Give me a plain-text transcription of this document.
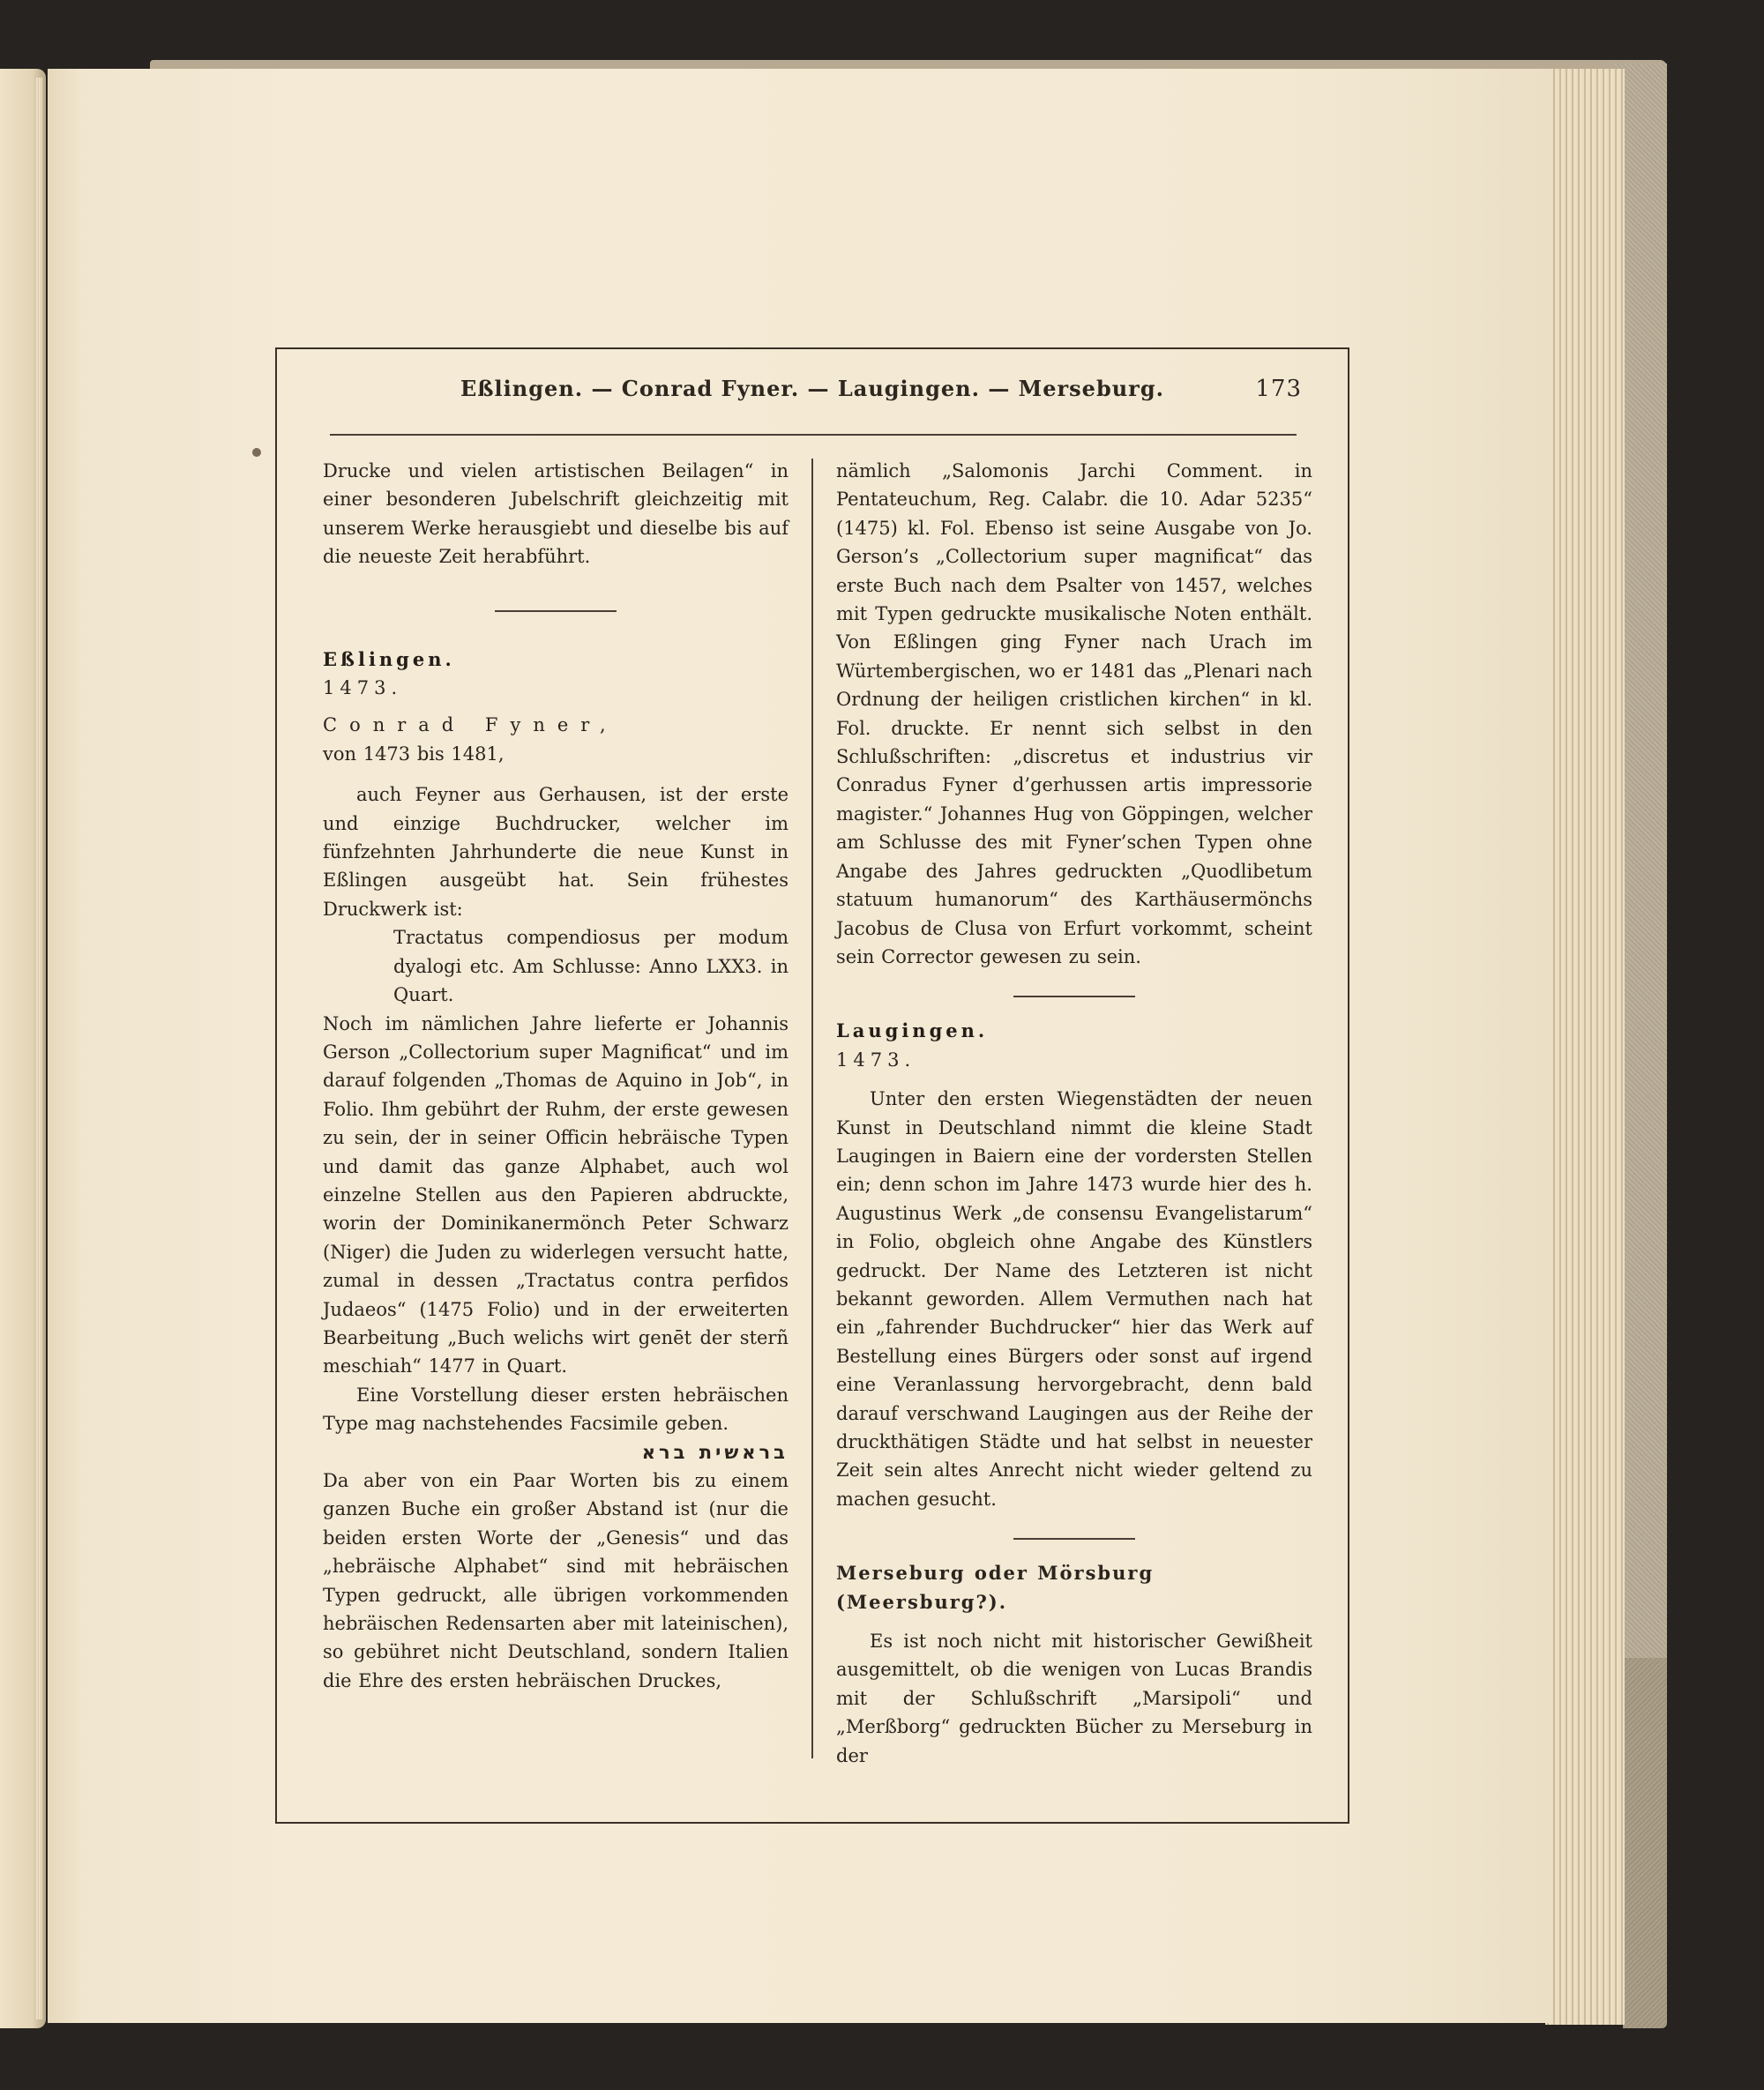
Eßlingen. — Conrad Fyner. — Laugingen. — Merseburg.	173

Drucke und vielen artistischen Beilagen“ in einer besonderen Jubelschrift gleichzeitig mit unserem Werke herausgiebt und dieselbe bis auf die neueste Zeit herabführt.

Eßlingen.

1473.

Conrad Fyner,

von 1473 bis 1481,

auch Feyner aus Gerhausen, ist der erste und einzige Buchdrucker, welcher im fünfzehnten Jahrhunderte die neue Kunst in Eßlingen ausgeübt hat. Sein frühestes Druckwerk ist:

Tractatus compendiosus per modum dyalogi etc. Am Schlusse: Anno LXX3. in Quart.

Noch im nämlichen Jahre lieferte er Johannis Gerson „Collectorium super Magnificat“ und im darauf folgenden „Thomas de Aquino in Job“, in Folio. Ihm gebührt der Ruhm, der erste gewesen zu sein, der in seiner Officin hebräische Typen und damit das ganze Alphabet, auch wol einzelne Stellen aus den Papieren abdruckte, worin der Dominikanermönch Peter Schwarz (Niger) die Juden zu widerlegen versucht hatte, zumal in dessen „Tractatus contra perfidos Judaeos“ (1475 Folio) und in der erweiterten Bearbeitung „Buch welichs wirt genēt der sterñ meschiah“ 1477 in Quart.

Eine Vorstellung dieser ersten hebräischen Type mag nachstehendes Facsimile geben.

בראשית ברא

Da aber von ein Paar Worten bis zu einem ganzen Buche ein großer Abstand ist (nur die beiden ersten Worte der „Genesis“ und das „hebräische Alphabet“ sind mit hebräischen Typen gedruckt, alle übrigen vorkommenden hebräischen Redensarten aber mit lateinischen), so gebühret nicht Deutschland, sondern Italien die Ehre des ersten hebräischen Druckes,

nämlich „Salomonis Jarchi Comment. in Pentateuchum, Reg. Calabr. die 10. Adar 5235“ (1475) kl. Fol. Ebenso ist seine Ausgabe von Jo. Gerson’s „Collectorium super magnificat“ das erste Buch nach dem Psalter von 1457, welches mit Typen gedruckte musikalische Noten enthält. Von Eßlingen ging Fyner nach Urach im Würtembergischen, wo er 1481 das „Plenari nach Ordnung der heiligen cristlichen kirchen“ in kl. Fol. druckte. Er nennt sich selbst in den Schlußschriften: „discretus et industrius vir Conradus Fyner d’gerhussen artis impressorie magister.“ Johannes Hug von Göppingen, welcher am Schlusse des mit Fyner’schen Typen ohne Angabe des Jahres gedruckten „Quodlibetum statuum humanorum“ des Karthäusermönchs Jacobus de Clusa von Erfurt vorkommt, scheint sein Corrector gewesen zu sein.

Laugingen.

1473.

Unter den ersten Wiegenstädten der neuen Kunst in Deutschland nimmt die kleine Stadt Laugingen in Baiern eine der vordersten Stellen ein; denn schon im Jahre 1473 wurde hier des h. Augustinus Werk „de consensu Evangelistarum“ in Folio, obgleich ohne Angabe des Künstlers gedruckt. Der Name des Letzteren ist nicht bekannt geworden. Allem Vermuthen nach hat ein „fahrender Buchdrucker“ hier das Werk auf Bestellung eines Bürgers oder sonst auf irgend eine Veranlassung hervorgebracht, denn bald darauf verschwand Laugingen aus der Reihe der druckthätigen Städte und hat selbst in neuester Zeit sein altes Anrecht nicht wieder geltend zu machen gesucht.

Merseburg oder Mörsburg

(Meersburg?).

Es ist noch nicht mit historischer Gewißheit ausgemittelt, ob die wenigen von Lucas Brandis mit der Schlußschrift „Marsipoli“ und „Merßborg“ gedruckten Bücher zu Merseburg in der
